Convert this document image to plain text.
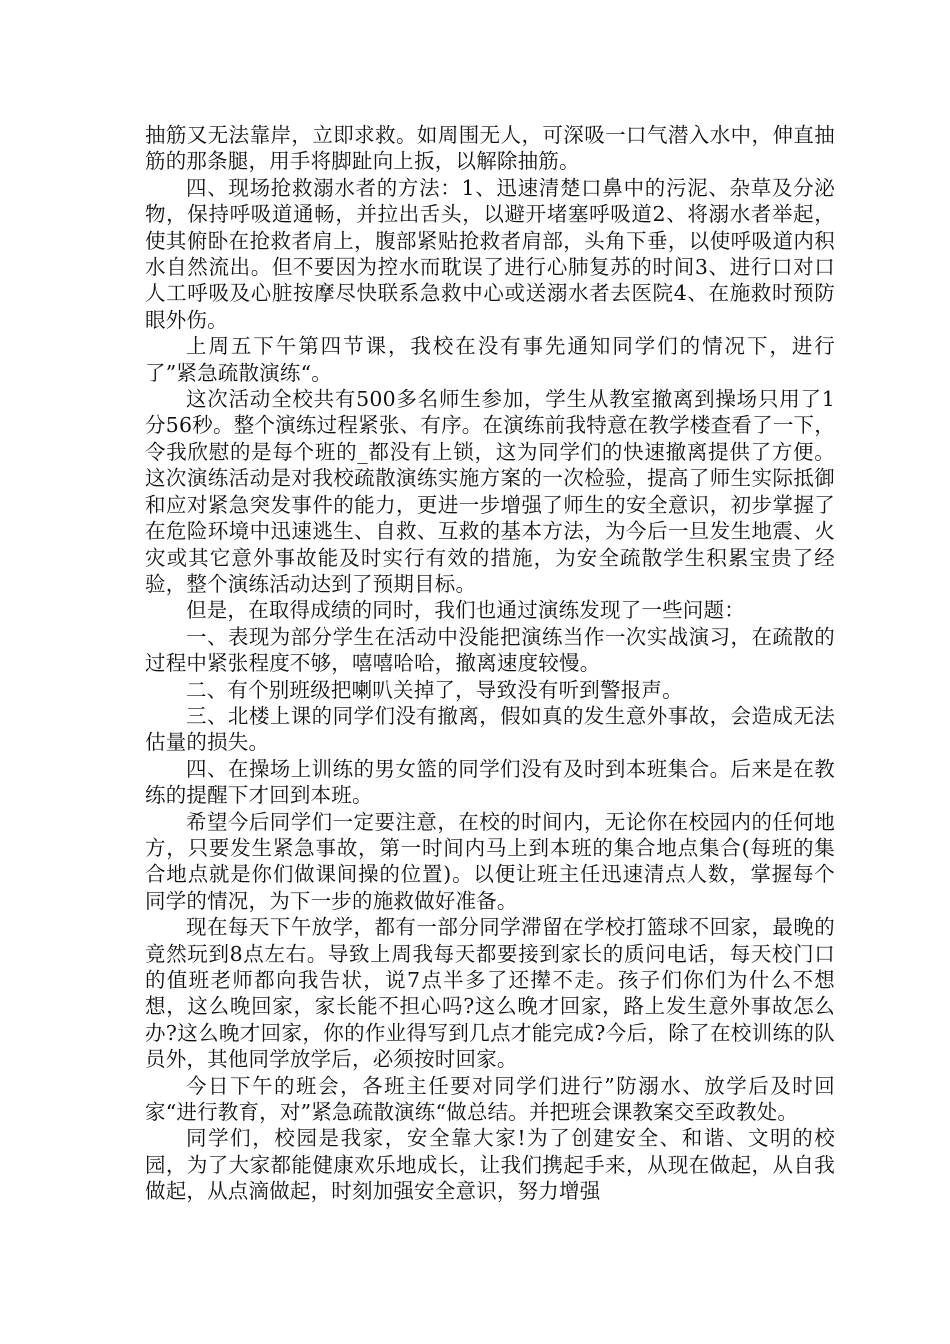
抽筋又无法靠岸，立即求救。如周围无人，可深吸一口气潜入水中，伸直抽筋的那条腿，用手将脚趾向上扳，以解除抽筋。

四、现场抢救溺水者的方法：1、迅速清楚口鼻中的污泥、杂草及分泌物，保持呼吸道通畅，并拉出舌头，以避开堵塞呼吸道2、将溺水者举起，使其俯卧在抢救者肩上，腹部紧贴抢救者肩部，头角下垂，以使呼吸道内积水自然流出。但不要因为控水而耽误了进行心肺复苏的时间3、进行口对口人工呼吸及心脏按摩尽快联系急救中心或送溺水者去医院4、在施救时预防眼外伤。

上周五下午第四节课，我校在没有事先通知同学们的情况下，进行了”紧急疏散演练“。

这次活动全校共有500多名师生参加，学生从教室撤离到操场只用了1分56秒。整个演练过程紧张、有序。在演练前我特意在教学楼查看了一下，令我欣慰的是每个班的_都没有上锁，这为同学们的快速撤离提供了方便。这次演练活动是对我校疏散演练实施方案的一次检验，提高了师生实际抵御和应对紧急突发事件的能力，更进一步增强了师生的安全意识，初步掌握了在危险环境中迅速逃生、自救、互救的基本方法，为今后一旦发生地震、火灾或其它意外事故能及时实行有效的措施，为安全疏散学生积累宝贵了经验，整个演练活动达到了预期目标。

但是，在取得成绩的同时，我们也通过演练发现了一些问题：

一、表现为部分学生在活动中没能把演练当作一次实战演习，在疏散的过程中紧张程度不够，嘻嘻哈哈，撤离速度较慢。

二、有个别班级把喇叭关掉了，导致没有听到警报声。

三、北楼上课的同学们没有撤离，假如真的发生意外事故，会造成无法估量的损失。

四、在操场上训练的男女篮的同学们没有及时到本班集合。后来是在教练的提醒下才回到本班。

希望今后同学们一定要注意，在校的时间内，无论你在校园内的任何地方，只要发生紧急事故，第一时间内马上到本班的集合地点集合(每班的集合地点就是你们做课间操的位置)。以便让班主任迅速清点人数，掌握每个同学的情况，为下一步的施救做好准备。

现在每天下午放学，都有一部分同学滞留在学校打篮球不回家，最晚的竟然玩到8点左右。导致上周我每天都要接到家长的质问电话，每天校门口的值班老师都向我告状，说7点半多了还撵不走。孩子们你们为什么不想想，这么晚回家，家长能不担心吗?这么晚才回家，路上发生意外事故怎么办?这么晚才回家，你的作业得写到几点才能完成?今后，除了在校训练的队员外，其他同学放学后，必须按时回家。

今日下午的班会，各班主任要对同学们进行”防溺水、放学后及时回家“进行教育，对”紧急疏散演练“做总结。并把班会课教案交至政教处。

同学们，校园是我家，安全靠大家!为了创建安全、和谐、文明的校园，为了大家都能健康欢乐地成长，让我们携起手来，从现在做起，从自我做起，从点滴做起，时刻加强安全意识，努力增强
